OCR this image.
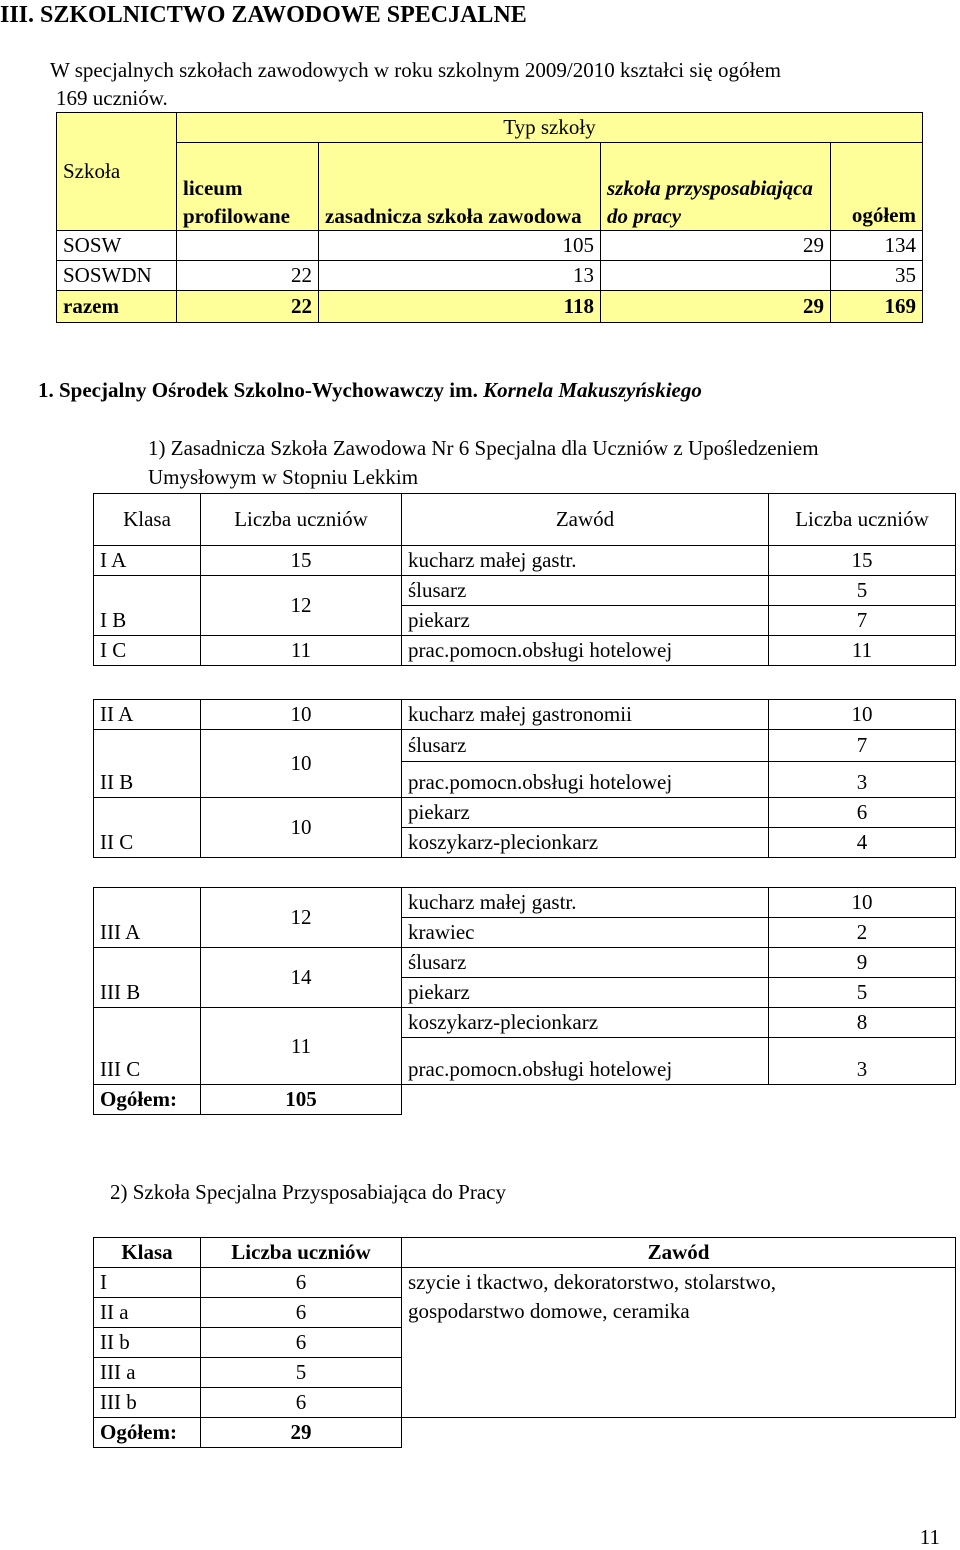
III. SZKOLNICTWO ZAWODOWE SPECJALNE
W specjalnych szkołach zawodowych w roku szkolnym 2009/2010 kształci się ogółem
169 uczniów.
Szkoła	Typ szkoły			
	liceum profilowane	zasadnicza szkoła zawodowa	szkoła przysposabiająca do pracy	ogółem
SOSW		105	29	134
SOSWDN	22	13		35
razem	22	118	29	169
1. Specjalny Ośrodek Szkolno-Wychowawczy im. Kornela Makuszyńskiego
1) Zasadnicza Szkoła Zawodowa Nr 6 Specjalna dla Uczniów z Upośledzeniem
Umysłowym w Stopniu Lekkim
Klasa	Liczba uczniów	Zawód	Liczba uczniów
I A	15	kucharz małej gastr.	15
I B	12	ślusarz	5
		piekarz	7
I C	11	prac.pomocn.obsługi hotelowej	11
II A	10	kucharz małej gastronomii	10
II B	10	ślusarz	7
		prac.pomocn.obsługi hotelowej	3
II C	10	piekarz	6
		koszykarz-plecionkarz	4
III A	12	kucharz małej gastr.	10
		krawiec	2
III B	14	ślusarz	9
		piekarz	5
III C	11	koszykarz-plecionkarz	8
		prac.pomocn.obsługi hotelowej	3
Ogółem:	105		
2) Szkoła Specjalna Przysposabiająca do Pracy
Klasa	Liczba uczniów	Zawód
I	6	szycie i tkactwo, dekoratorstwo, stolarstwo,
gospodarstwo domowe, ceramika

II a	6	
II b	6	
III a	5	
III b	6	
Ogółem:	29	
11
